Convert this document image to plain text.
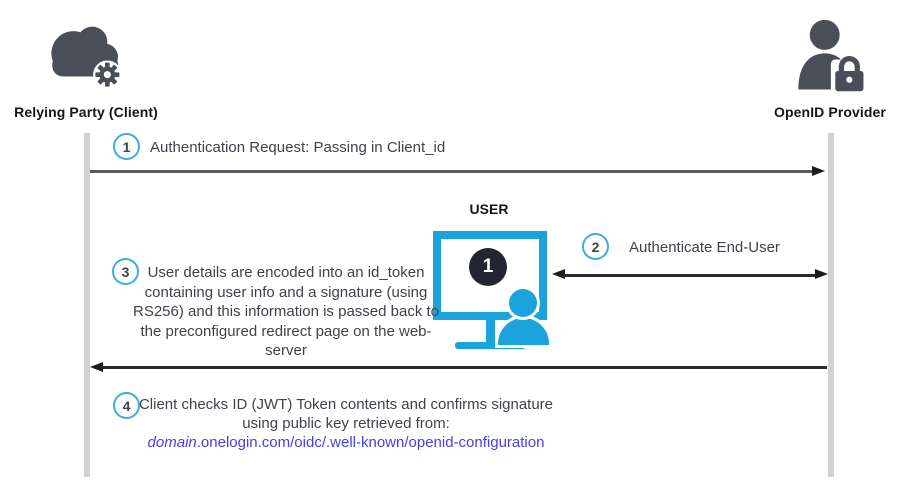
Relying Party (Client)	OpenID Provider
1 Authentication Request: Passing in Client_id
USER
1
2 Authenticate End-User
3	User details are encoded into an id_token containing user info and a signature (using RS256) and this information is passed back to the preconfigured redirect page on the web-server
4 Client checks ID (JWT) Token contents and confirms signature
using public key retrieved from:
domain.onelogin.com/oidc/.well-known/openid-configuration
